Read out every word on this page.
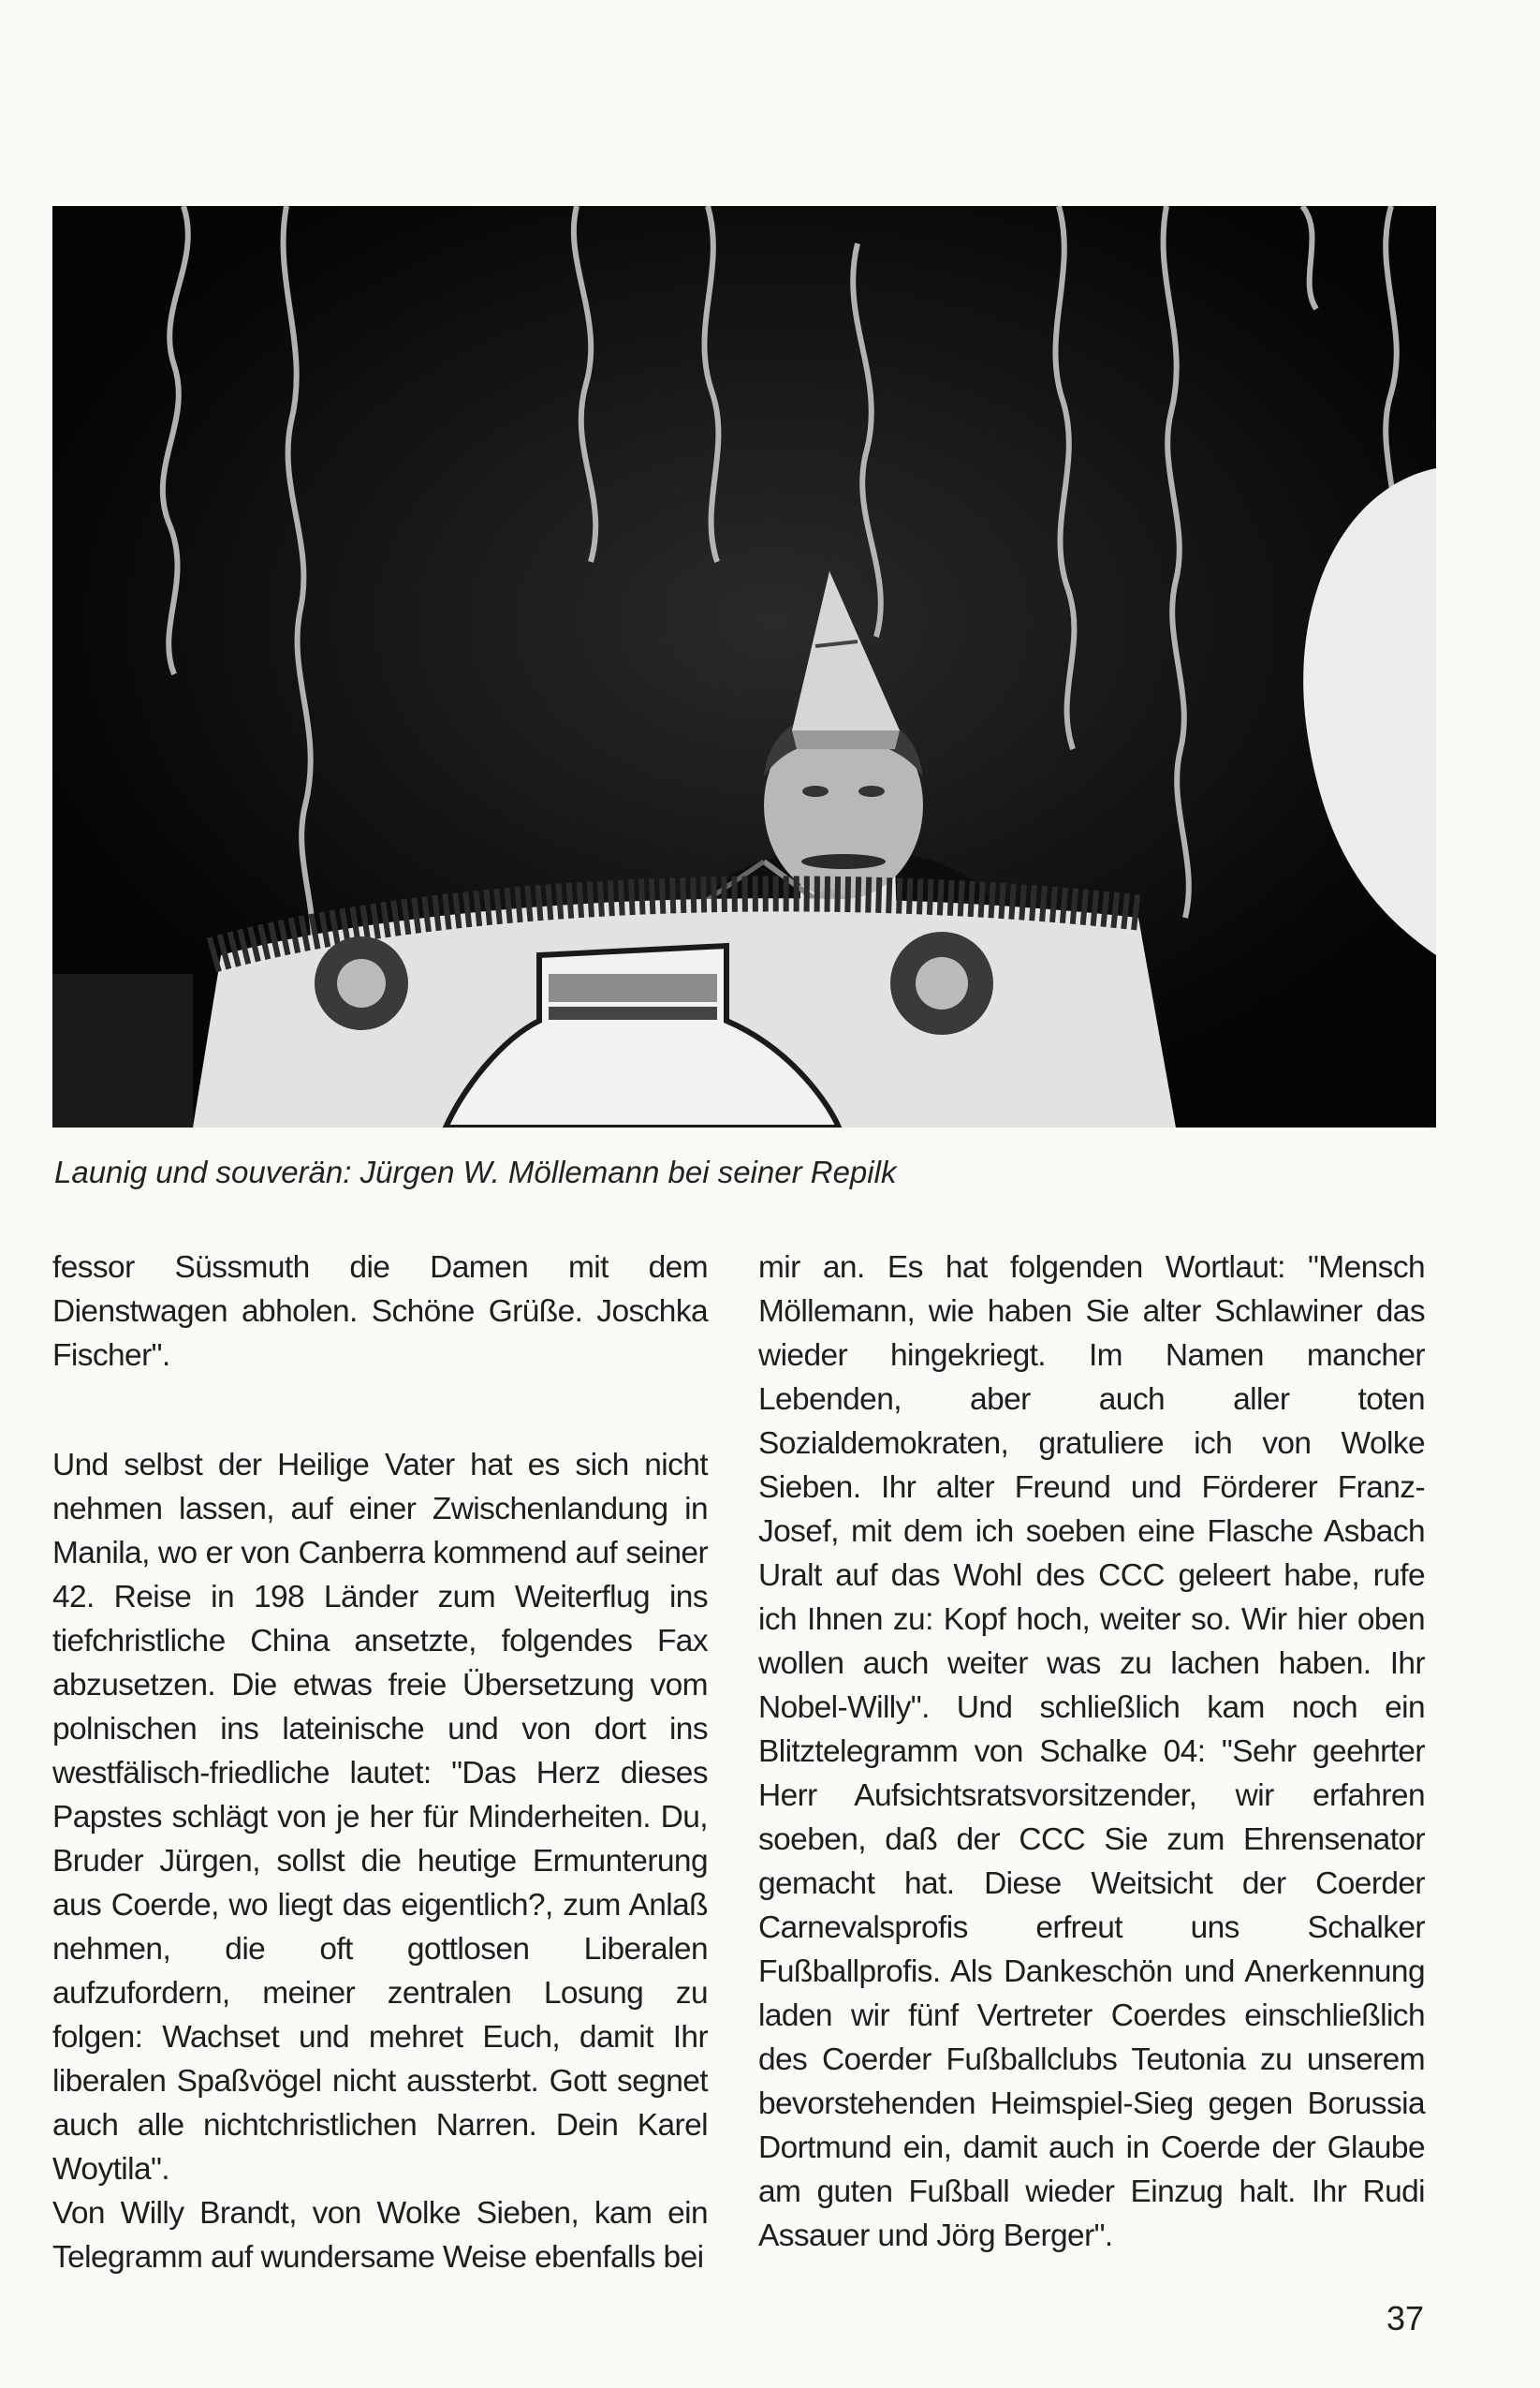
Launig und souverän: Jürgen W. Möllemann bei seiner Repilk

fessor Süssmuth die Damen mit dem Dienstwagen abholen. Schöne Grüße. Joschka Fischer".

Und selbst der Heilige Vater hat es sich nicht nehmen lassen, auf einer Zwischenlandung in Manila, wo er von Canberra kommend auf seiner 42. Reise in 198 Länder zum Weiterflug ins tiefchristliche China ansetzte, folgendes Fax abzusetzen. Die etwas freie Übersetzung vom polnischen ins lateinische und von dort ins westfälisch-friedliche lautet: "Das Herz dieses Papstes schlägt von je her für Minderheiten. Du, Bruder Jürgen, sollst die heutige Ermunterung aus Coerde, wo liegt das eigentlich?, zum Anlaß nehmen, die oft gottlosen Liberalen aufzufordern, meiner zentralen Losung zu folgen: Wachset und mehret Euch, damit Ihr liberalen Spaßvögel nicht aussterbt. Gott segnet auch alle nichtchristlichen Narren. Dein Karel Woytila".

Von Willy Brandt, von Wolke Sieben, kam ein Telegramm auf wundersame Weise ebenfalls bei

mir an. Es hat folgenden Wortlaut: "Mensch Möllemann, wie haben Sie alter Schlawiner das wieder hingekriegt. Im Namen mancher Lebenden, aber auch aller toten Sozialdemokraten, gratuliere ich von Wolke Sieben. Ihr alter Freund und Förderer Franz-Josef, mit dem ich soeben eine Flasche Asbach Uralt auf das Wohl des CCC geleert habe, rufe ich Ihnen zu: Kopf hoch, weiter so. Wir hier oben wollen auch weiter was zu lachen haben. Ihr Nobel-Willy". Und schließlich kam noch ein Blitztelegramm von Schalke 04: "Sehr geehrter Herr Aufsichtsratsvorsitzender, wir erfahren soeben, daß der CCC Sie zum Ehrensenator gemacht hat. Diese Weitsicht der Coerder Carnevalsprofis erfreut uns Schalker Fußballprofis. Als Dankeschön und Anerkennung laden wir fünf Vertreter Coerdes einschließlich des Coerder Fußballclubs Teutonia zu unserem bevorstehenden Heimspiel-Sieg gegen Borussia Dortmund ein, damit auch in Coerde der Glaube am guten Fußball wieder Einzug halt. Ihr Rudi Assauer und Jörg Berger".

37
